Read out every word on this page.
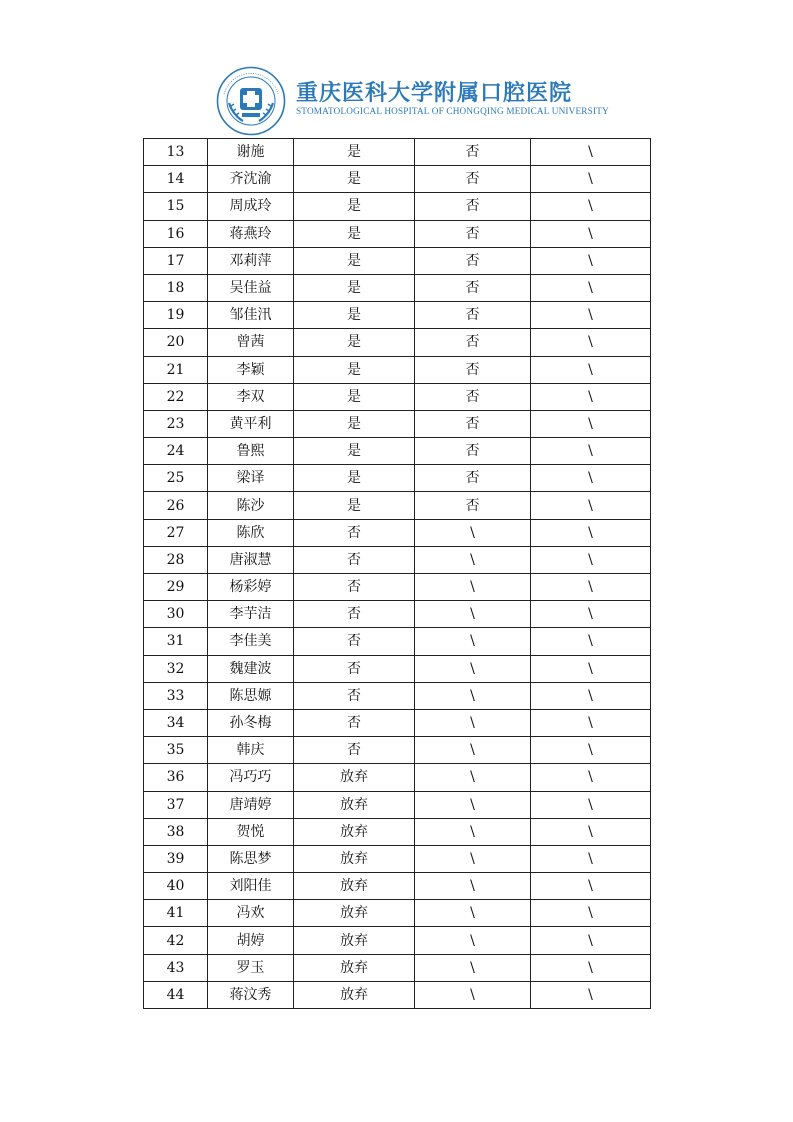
重庆医科大学附属口腔医院
STOMATOLOGICAL HOSPITAL OF CHONGQING MEDICAL UNIVERSITY
13	谢施	是	否	\
14	齐沈渝	是	否	\
15	周成玲	是	否	\
16	蒋燕玲	是	否	\
17	邓莉萍	是	否	\
18	吴佳益	是	否	\
19	邹佳汛	是	否	\
20	曾茜	是	否	\
21	李颖	是	否	\
22	李双	是	否	\
23	黄平利	是	否	\
24	鲁熙	是	否	\
25	梁译	是	否	\
26	陈沙	是	否	\
27	陈欣	否	\	\
28	唐淑慧	否	\	\
29	杨彩婷	否	\	\
30	李芋洁	否	\	\
31	李佳美	否	\	\
32	魏建波	否	\	\
33	陈思嫄	否	\	\
34	孙冬梅	否	\	\
35	韩庆	否	\	\
36	冯巧巧	放弃	\	\
37	唐靖婷	放弃	\	\
38	贺悦	放弃	\	\
39	陈思梦	放弃	\	\
40	刘阳佳	放弃	\	\
41	冯欢	放弃	\	\
42	胡婷	放弃	\	\
43	罗玉	放弃	\	\
44	蒋汶秀	放弃	\	\
